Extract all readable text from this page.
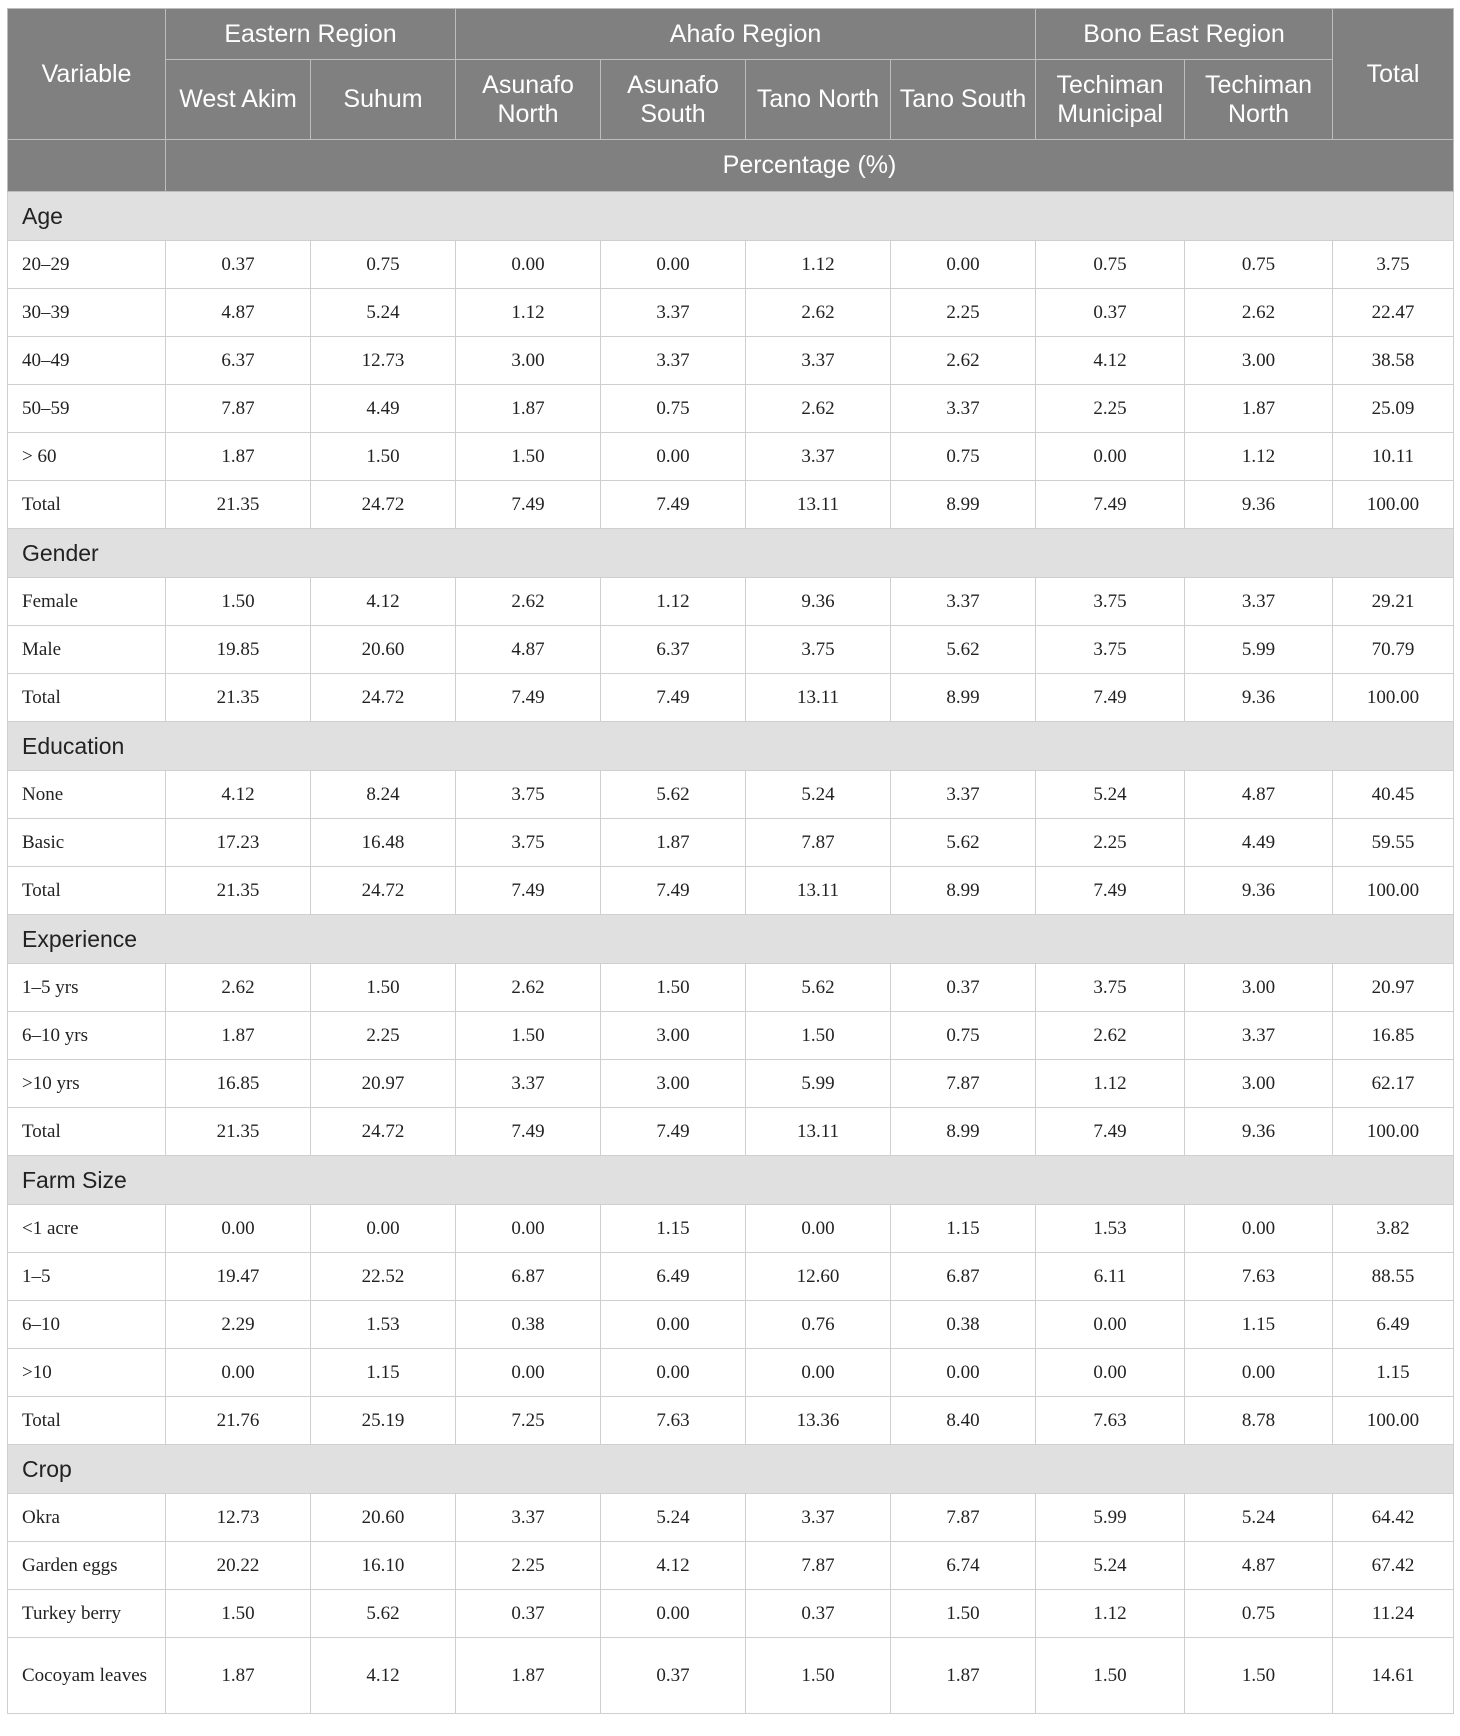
Variable	Eastern Region		Ahafo Region				Bono East Region		Total
	West Akim	Suhum	Asunafo North	Asunafo South	Tano North	Tano South	Techiman Municipal	Techiman North	
	Percentage (%)								
Age									
20–29	0.37	0.75	0.00	0.00	1.12	0.00	0.75	0.75	3.75
30–39	4.87	5.24	1.12	3.37	2.62	2.25	0.37	2.62	22.47
40–49	6.37	12.73	3.00	3.37	3.37	2.62	4.12	3.00	38.58
50–59	7.87	4.49	1.87	0.75	2.62	3.37	2.25	1.87	25.09
> 60	1.87	1.50	1.50	0.00	3.37	0.75	0.00	1.12	10.11
Total	21.35	24.72	7.49	7.49	13.11	8.99	7.49	9.36	100.00
Gender									
Female	1.50	4.12	2.62	1.12	9.36	3.37	3.75	3.37	29.21
Male	19.85	20.60	4.87	6.37	3.75	5.62	3.75	5.99	70.79
Total	21.35	24.72	7.49	7.49	13.11	8.99	7.49	9.36	100.00
Education									
None	4.12	8.24	3.75	5.62	5.24	3.37	5.24	4.87	40.45
Basic	17.23	16.48	3.75	1.87	7.87	5.62	2.25	4.49	59.55
Total	21.35	24.72	7.49	7.49	13.11	8.99	7.49	9.36	100.00
Experience									
1–5 yrs	2.62	1.50	2.62	1.50	5.62	0.37	3.75	3.00	20.97
6–10 yrs	1.87	2.25	1.50	3.00	1.50	0.75	2.62	3.37	16.85
>10 yrs	16.85	20.97	3.37	3.00	5.99	7.87	1.12	3.00	62.17
Total	21.35	24.72	7.49	7.49	13.11	8.99	7.49	9.36	100.00
Farm Size									
<1 acre	0.00	0.00	0.00	1.15	0.00	1.15	1.53	0.00	3.82
1–5	19.47	22.52	6.87	6.49	12.60	6.87	6.11	7.63	88.55
6–10	2.29	1.53	0.38	0.00	0.76	0.38	0.00	1.15	6.49
>10	0.00	1.15	0.00	0.00	0.00	0.00	0.00	0.00	1.15
Total	21.76	25.19	7.25	7.63	13.36	8.40	7.63	8.78	100.00
Crop									
Okra	12.73	20.60	3.37	5.24	3.37	7.87	5.99	5.24	64.42
Garden eggs	20.22	16.10	2.25	4.12	7.87	6.74	5.24	4.87	67.42
Turkey berry	1.50	5.62	0.37	0.00	0.37	1.50	1.12	0.75	11.24
Cocoyam leaves	1.87	4.12	1.87	0.37	1.50	1.87	1.50	1.50	14.61
